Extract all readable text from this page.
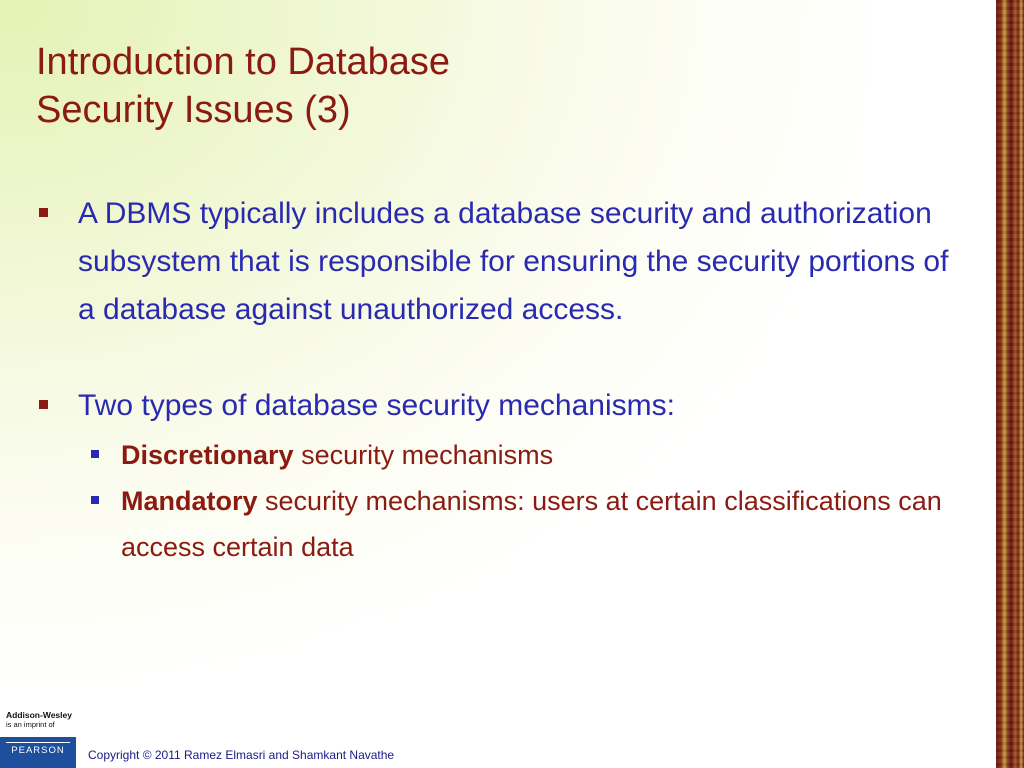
Introduction to Database
Security Issues (3)
A DBMS typically includes a database security and authorization subsystem that is responsible for ensuring the security portions of a database against unauthorized access.
Two types of database security mechanisms:
Discretionary security mechanisms
Mandatory security mechanisms: users at certain classifications can access certain data
Addison-Wesley
is an imprint of
PEARSON	Copyright © 2011 Ramez Elmasri and Shamkant Navathe
